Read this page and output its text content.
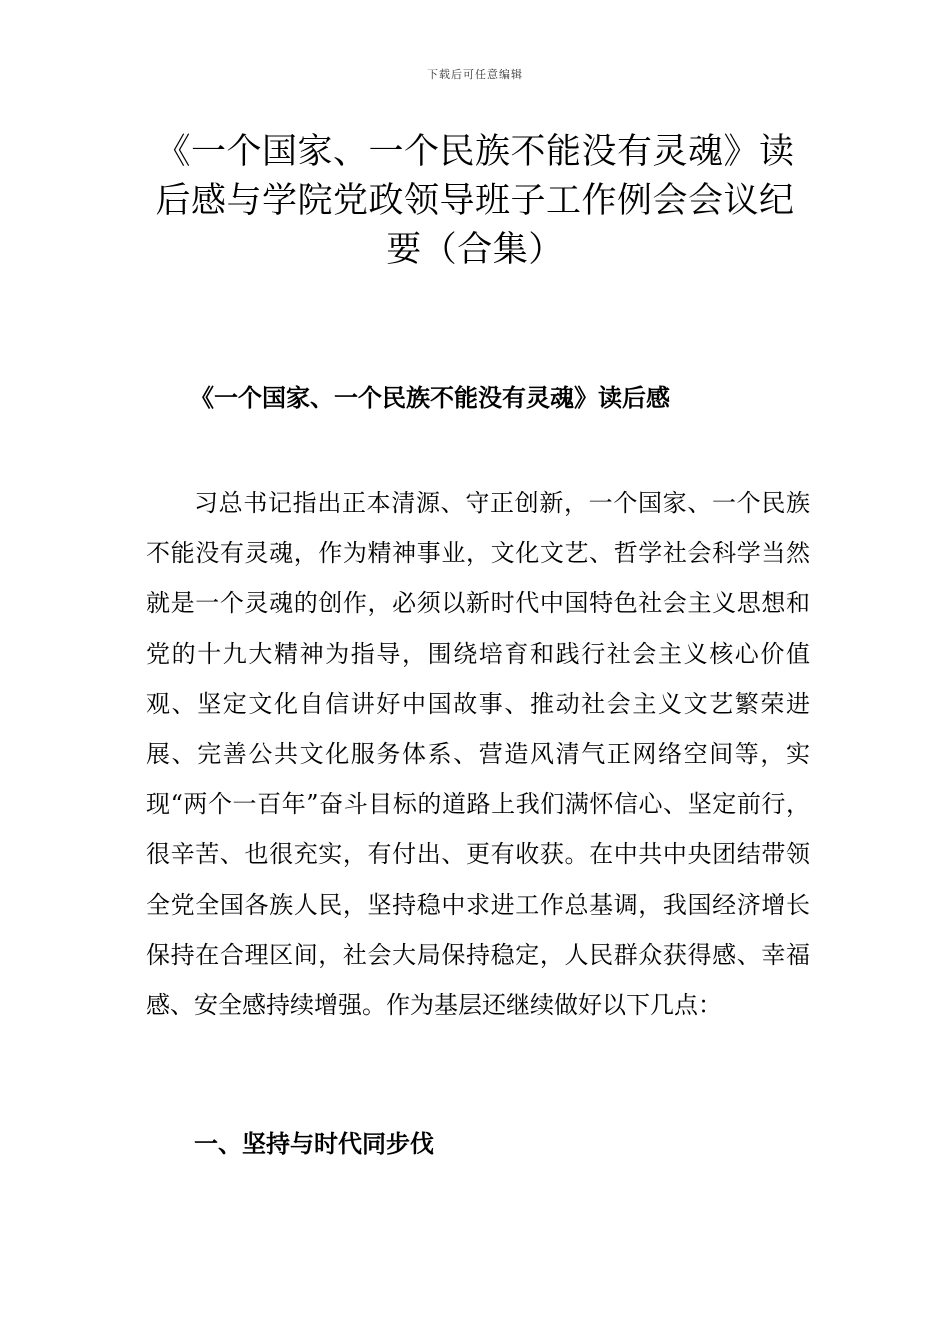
下载后可任意编辑
《一个国家、一个民族不能没有灵魂》读后感与学院党政领导班子工作例会会议纪要（合集）
《一个国家、一个民族不能没有灵魂》读后感

习总书记指出正本清源、守正创新，一个国家、一个民族不能没有灵魂，作为精神事业，文化文艺、哲学社会科学当然就是一个灵魂的创作，必须以新时代中国特色社会主义思想和党的十九大精神为指导，围绕培育和践行社会主义核心价值观、坚定文化自信讲好中国故事、推动社会主义文艺繁荣进展、完善公共文化服务体系、营造风清气正网络空间等，实现“两个一百年”奋斗目标的道路上我们满怀信心、坚定前行，很辛苦、也很充实，有付出、更有收获。在中共中央团结带领全党全国各族人民，坚持稳中求进工作总基调，我国经济增长保持在合理区间，社会大局保持稳定，人民群众获得感、幸福感、安全感持续增强。作为基层还继续做好以下几点：

一、坚持与时代同步伐
